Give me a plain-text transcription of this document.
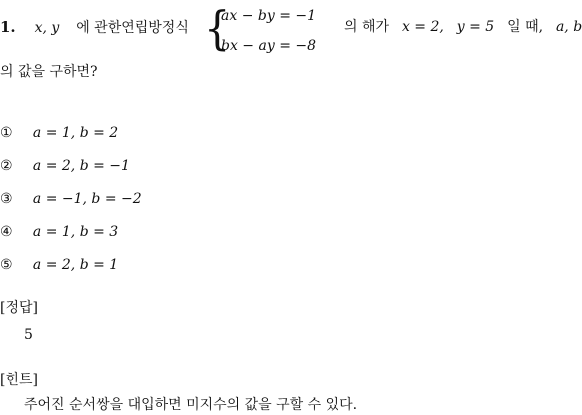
1. x, y 에 관한연립방정식 {
ax − by = −1
bx − ay = −8
의 해가 x = 2, y = 5 일 때, a, b
의 값을 구하면?
① a = 1, b = 2
② a = 2, b = −1
③ a = −1, b = −2
④ a = 1, b = 3
⑤ a = 2, b = 1
[정답]
5
[힌트]
주어진 순서쌍을 대입하면 미지수의 값을 구할 수 있다.
